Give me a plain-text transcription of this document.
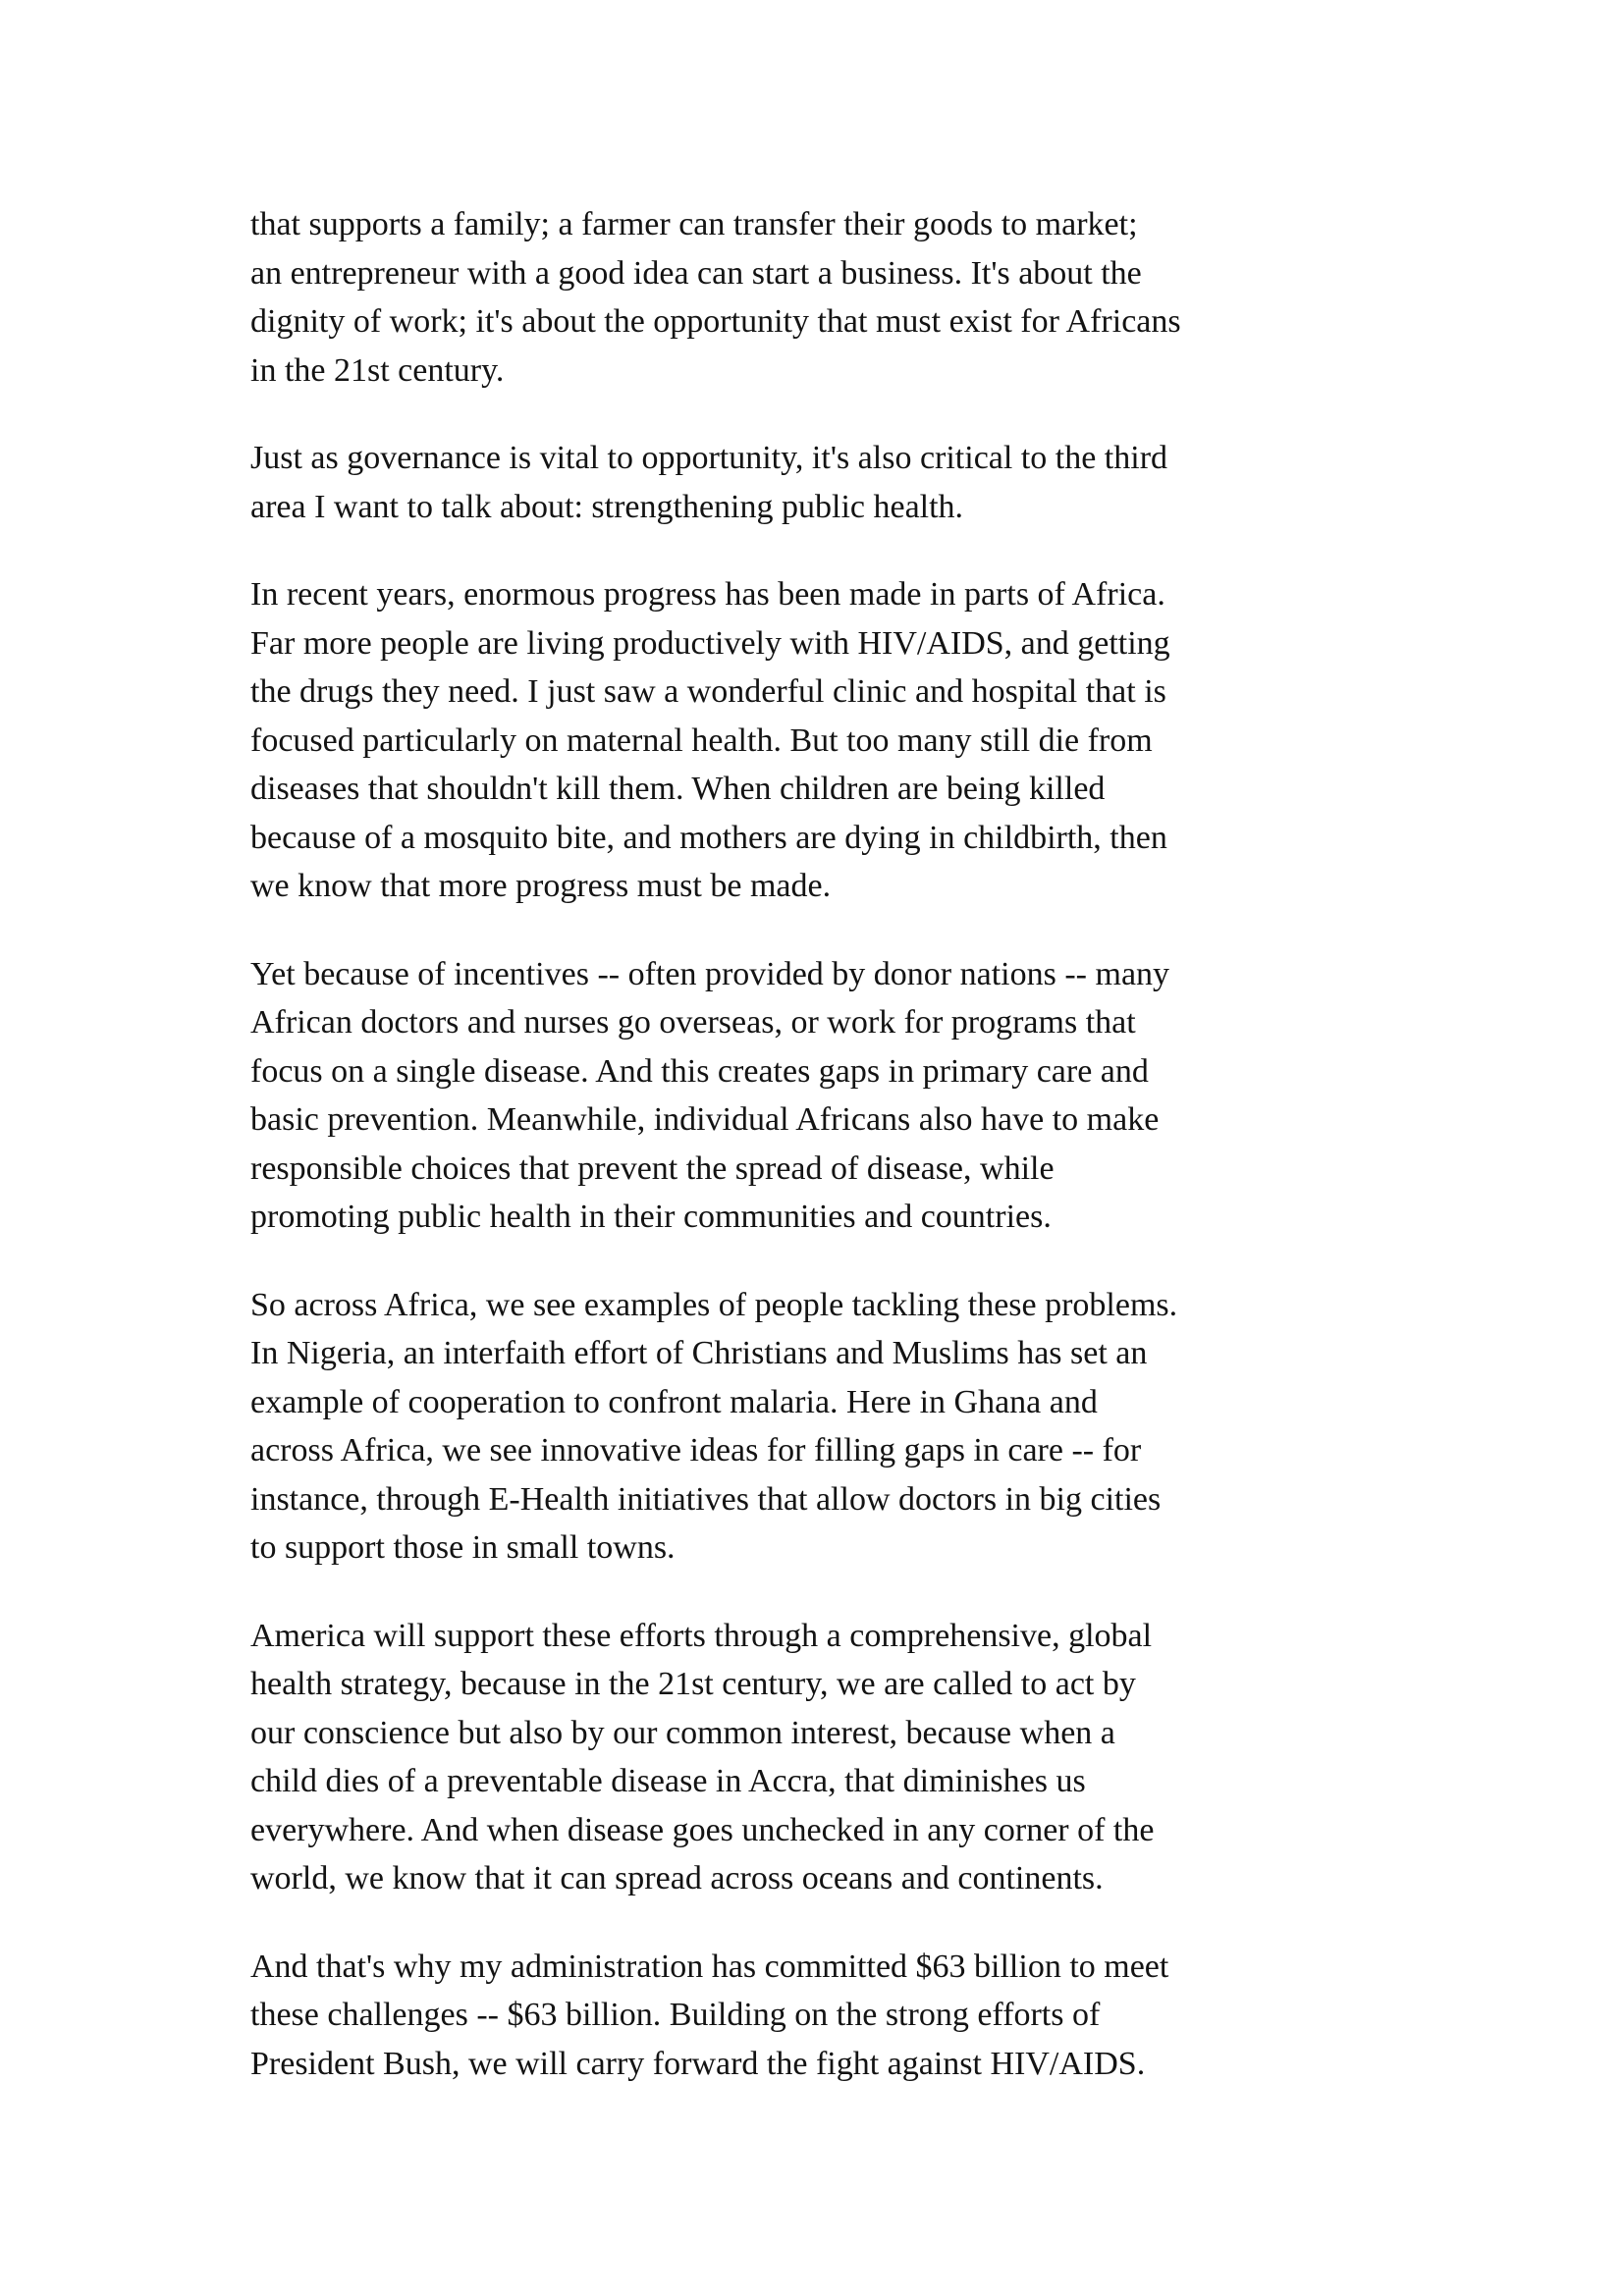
that supports a family; a farmer can transfer their goods to market;
an entrepreneur with a good idea can start a business. It's about the
dignity of work; it's about the opportunity that must exist for Africans
in the 21st century.
Just as governance is vital to opportunity, it's also critical to the third
area I want to talk about: strengthening public health.
In recent years, enormous progress has been made in parts of Africa.
Far more people are living productively with HIV/AIDS, and getting
the drugs they need. I just saw a wonderful clinic and hospital that is
focused particularly on maternal health. But too many still die from
diseases that shouldn't kill them. When children are being killed
because of a mosquito bite, and mothers are dying in childbirth, then
we know that more progress must be made.
Yet because of incentives -- often provided by donor nations -- many
African doctors and nurses go overseas, or work for programs that
focus on a single disease. And this creates gaps in primary care and
basic prevention. Meanwhile, individual Africans also have to make
responsible choices that prevent the spread of disease, while
promoting public health in their communities and countries.
So across Africa, we see examples of people tackling these problems.
In Nigeria, an interfaith effort of Christians and Muslims has set an
example of cooperation to confront malaria. Here in Ghana and
across Africa, we see innovative ideas for filling gaps in care -- for
instance, through E-Health initiatives that allow doctors in big cities
to support those in small towns.
America will support these efforts through a comprehensive, global
health strategy, because in the 21st century, we are called to act by
our conscience but also by our common interest, because when a
child dies of a preventable disease in Accra, that diminishes us
everywhere. And when disease goes unchecked in any corner of the
world, we know that it can spread across oceans and continents.
And that's why my administration has committed $63 billion to meet
these challenges -- $63 billion. Building on the strong efforts of
President Bush, we will carry forward the fight against HIV/AIDS.
